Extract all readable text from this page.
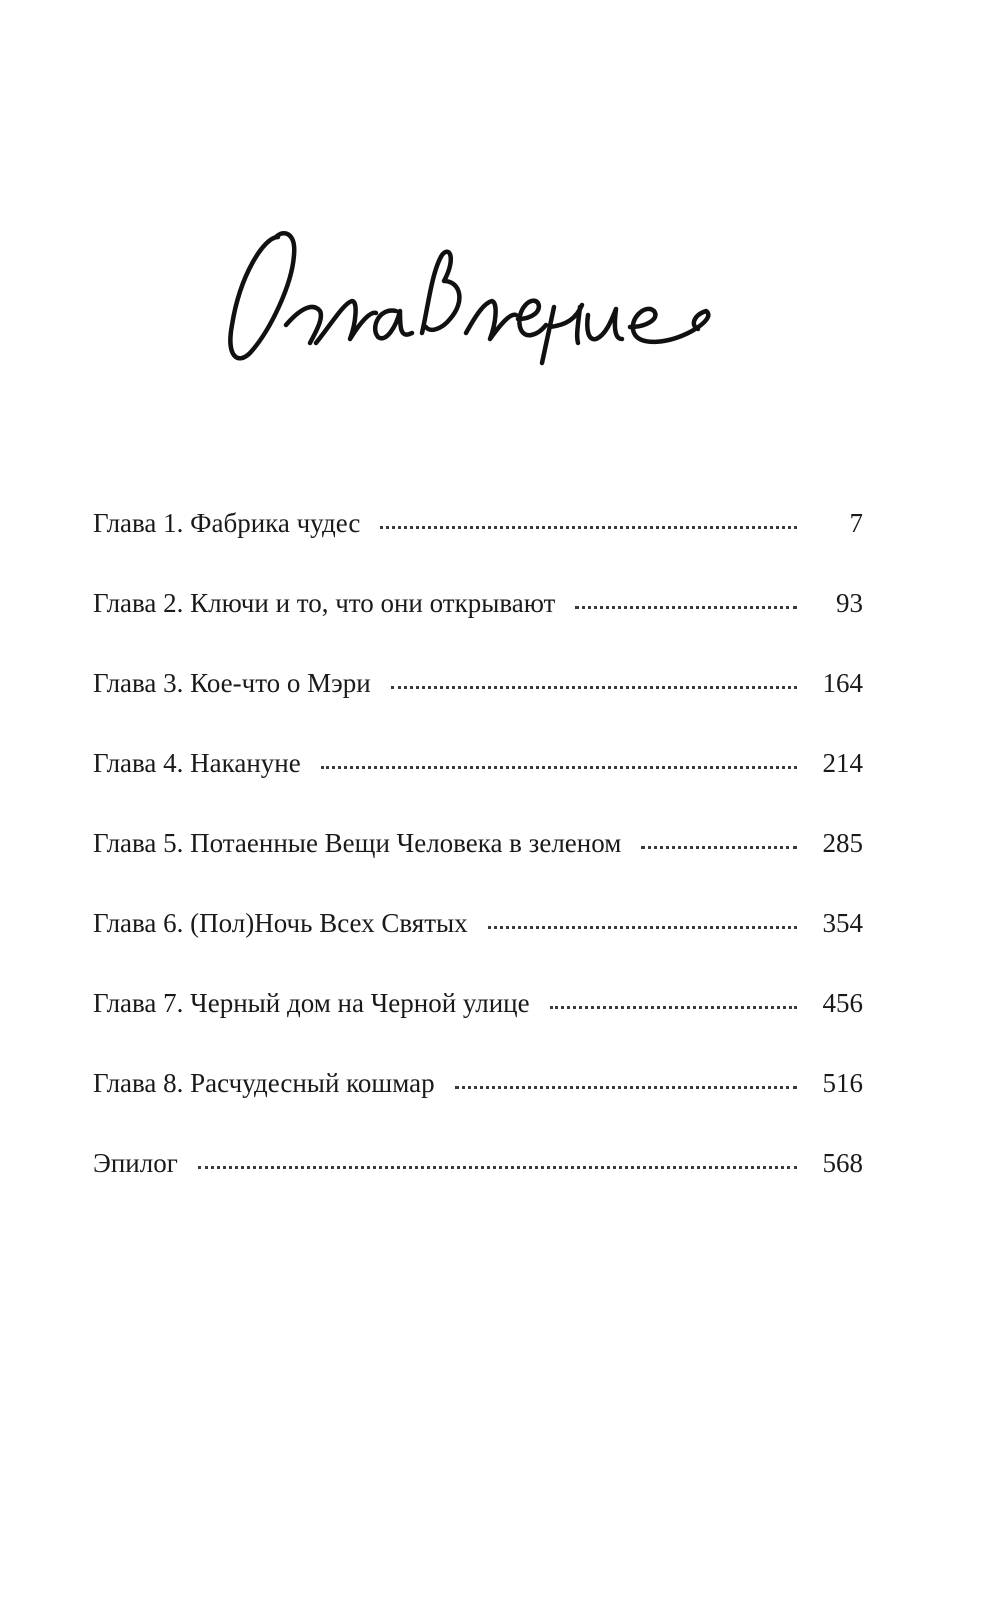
Глава 1. Фабрика чудес	7
Глава 2. Ключи и то, что они открывают	93
Глава 3. Кое-что о Мэри	164
Глава 4. Накануне	214
Глава 5. Потаенные Вещи Человека в зеленом	285
Глава 6. (Пол)Ночь Всех Святых	354
Глава 7. Черный дом на Черной улице	456
Глава 8. Расчудесный кошмар	516
Эпилог	568
